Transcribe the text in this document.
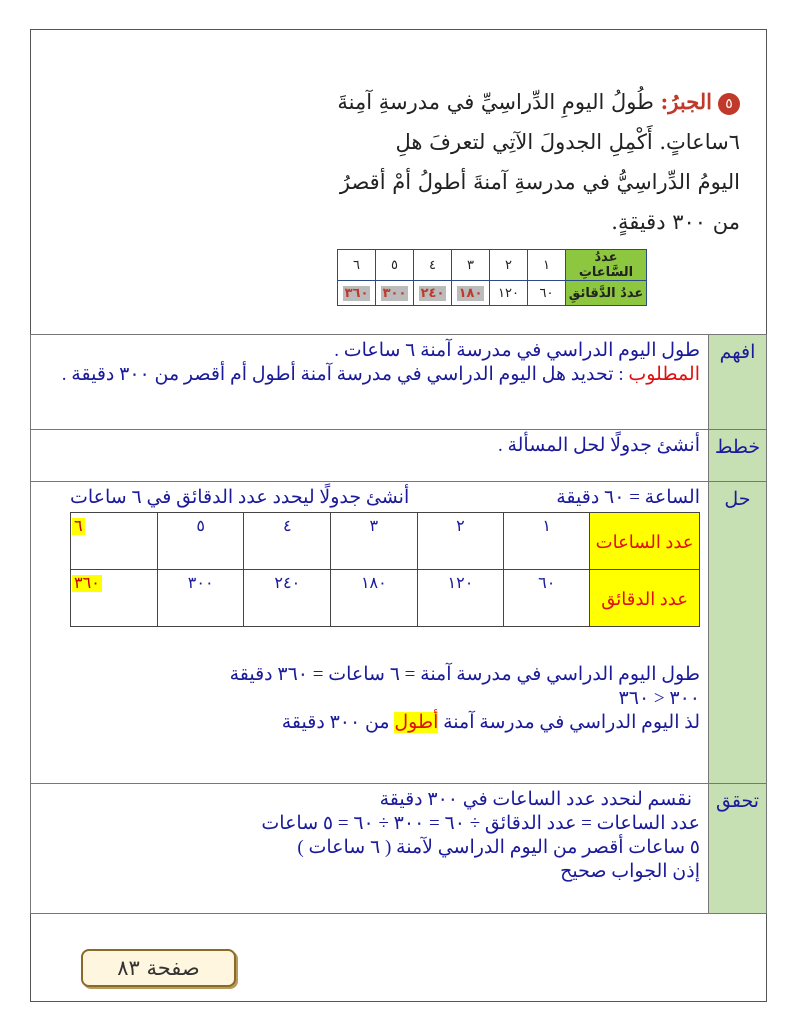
٥الجبرُ: طُولُ اليومِ الدِّراسِيِّ في مدرسةِ آمِنةَ
٦ساعاتٍ. أَكْمِلِ الجدولَ الآتِي لتعرفَ هلِ
اليومُ الدِّراسِيُّ في مدرسةِ آمنةَ أطولُ أمْ أقصرُ
من ٣٠٠ دقيقةٍ.
عددُ السَّاعاتِ	١	٢	٣	٤	٥	٦
عددُ الدَّقائقِ	٦٠	١٢٠	١٨٠	٢٤٠	٣٠٠	٣٦٠
افهم	
طول اليوم الدراسي في مدرسة آمنة ٦ ساعات .
المطلوب : تحديد هل اليوم الدراسي في مدرسة آمنة أطول أم أقصر من ٣٠٠ دقيقة .

خطط	أنشئ جدولًا لحل المسألة .
حل	
الساعة = ٦٠ دقيقة
أنشئ جدولًا ليحدد عدد الدقائق في ٦ ساعات
عدد الساعات	١	٢	٣	٤	٥	٦
عدد الدقائق	٦٠	١٢٠	١٨٠	٢٤٠	٣٠٠	٣٦٠
طول اليوم الدراسي في مدرسة آمنة = ٦ ساعات = ٣٦٠ دقيقة
٣٠٠ < ٣٦٠
لذ اليوم الدراسي في مدرسة آمنة أطول من ٣٠٠ دقيقة

تحقق	
نقسم لنحدد عدد الساعات في ٣٠٠ دقيقة
عدد الساعات = عدد الدقائق ÷ ٦٠ = ٣٠٠ ÷ ٦٠ = ٥ ساعات
٥ ساعات أقصر من اليوم الدراسي لآمنة ( ٦ ساعات )
إذن الجواب صحيح
صفحة ٨٣
